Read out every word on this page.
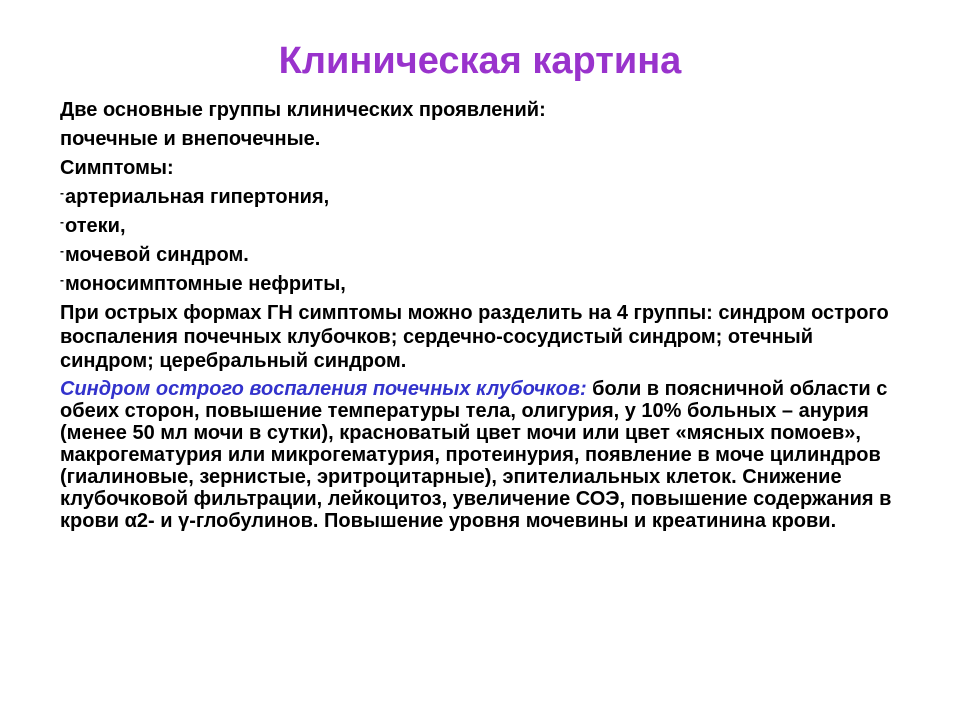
Клиническая картина
Две основные группы клинических проявлений:
почечные и внепочечные.
Симптомы:
-артериальная гипертония,
-отеки,
-мочевой синдром.
-моносимптомные нефриты,
При острых формах ГН симптомы можно разделить на 4 группы: синдром острого воспаления почечных клубочков; сердечно-сосудистый синдром; отечный синдром; церебральный синдром.
Синдром острого воспаления почечных клубочков: боли в поясничной области с обеих сторон, повышение температуры тела, олигурия, у 10% больных – анурия (менее 50 мл мочи в сутки), красноватый цвет мочи или цвет «мясных помоев», макрогематурия или микрогематурия, протеинурия, появление в моче цилиндров (гиалиновые, зернистые, эритроцитарные), эпителиальных клеток. Снижение клубочковой фильтрации, лейкоцитоз, увеличение СОЭ, повышение содержания в крови α2- и γ-глобулинов. Повышение уровня мочевины и креатинина крови.
